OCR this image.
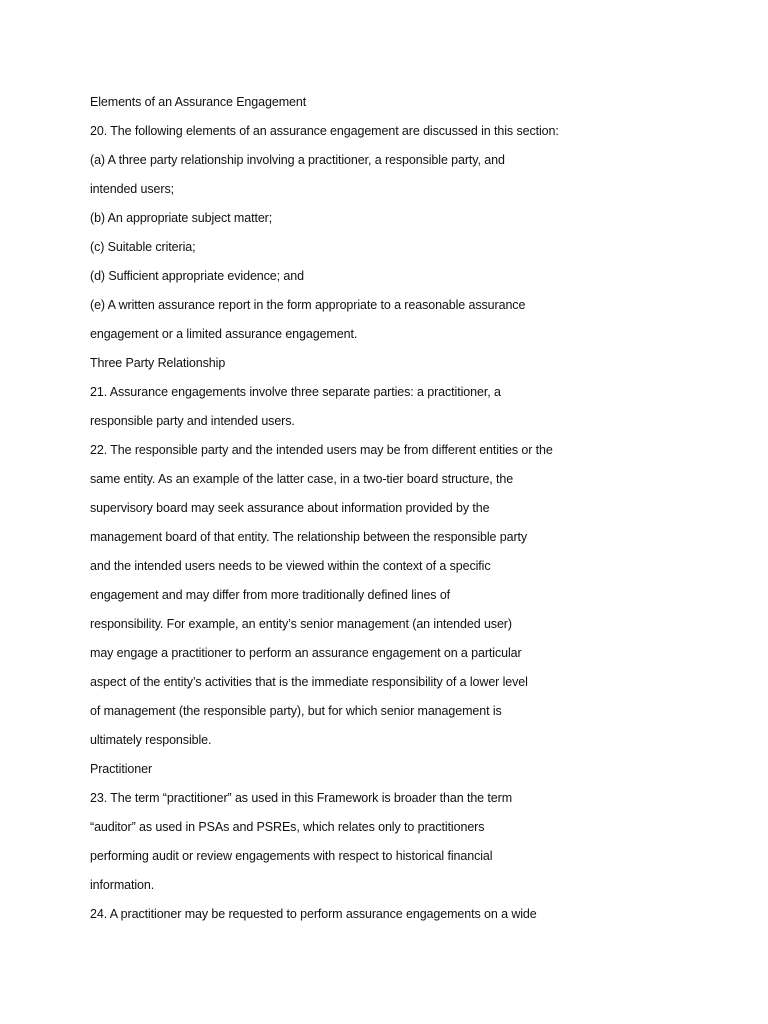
Elements of an Assurance Engagement
20. The following elements of an assurance engagement are discussed in this section:
(a) A three party relationship involving a practitioner, a responsible party, and
intended users;
(b) An appropriate subject matter;
(c) Suitable criteria;
(d) Sufficient appropriate evidence; and
(e) A written assurance report in the form appropriate to a reasonable assurance
engagement or a limited assurance engagement.
Three Party Relationship
21. Assurance engagements involve three separate parties: a practitioner, a
responsible party and intended users.
22. The responsible party and the intended users may be from different entities or the
same entity. As an example of the latter case, in a two-tier board structure, the
supervisory board may seek assurance about information provided by the
management board of that entity. The relationship between the responsible party
and the intended users needs to be viewed within the context of a specific
engagement and may differ from more traditionally defined lines of
responsibility. For example, an entity’s senior management (an intended user)
may engage a practitioner to perform an assurance engagement on a particular
aspect of the entity’s activities that is the immediate responsibility of a lower level
of management (the responsible party), but for which senior management is
ultimately responsible.
Practitioner
23. The term “practitioner” as used in this Framework is broader than the term
“auditor” as used in PSAs and PSREs, which relates only to practitioners
performing audit or review engagements with respect to historical financial
information.
24. A practitioner may be requested to perform assurance engagements on a wide
